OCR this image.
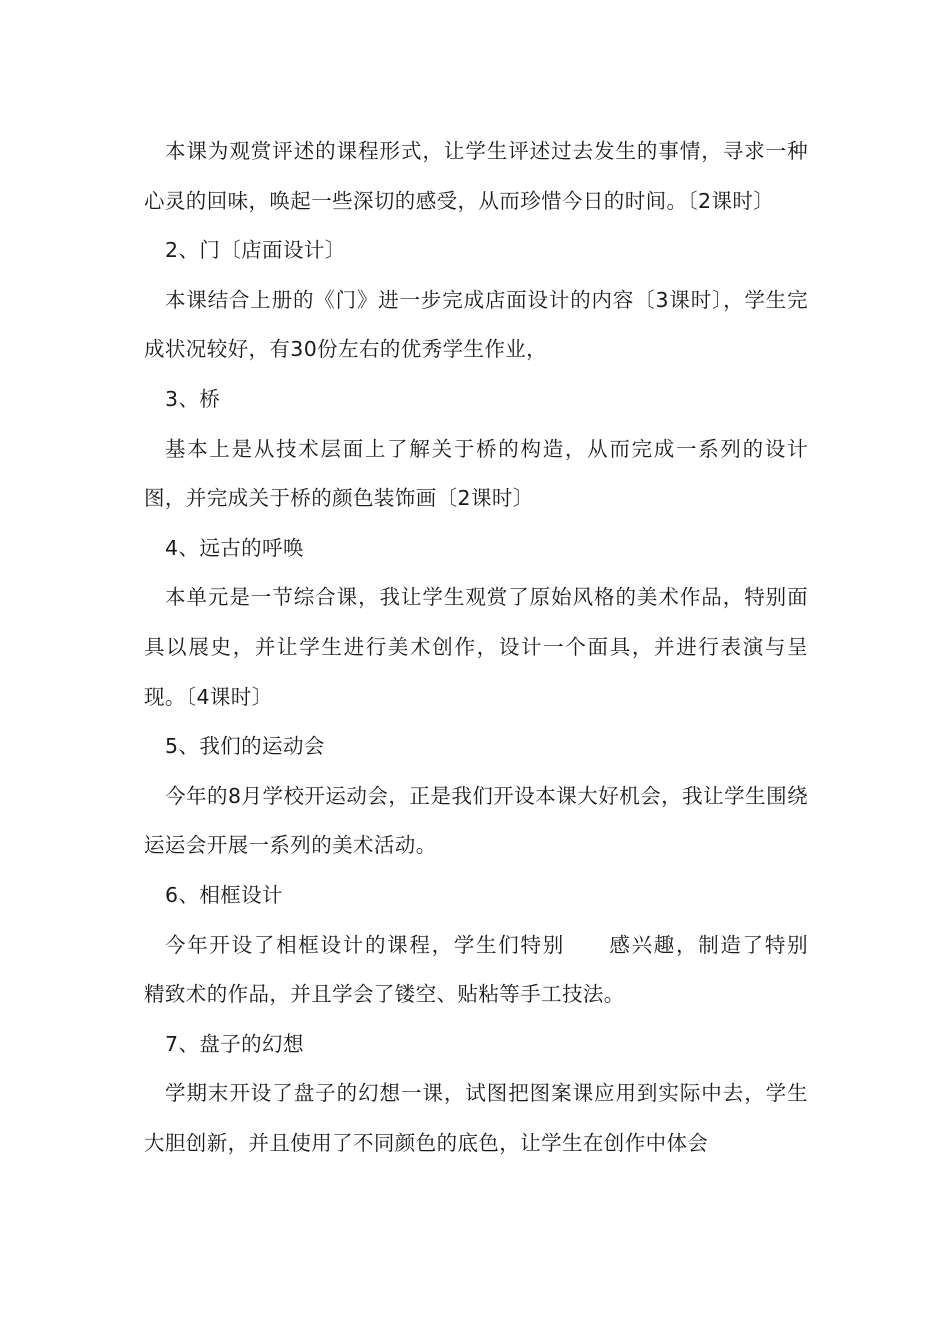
本课为观赏评述的课程形式，让学生评述过去发生的事情，寻求一种心灵的回味，唤起一些深切的感受，从而珍惜今日的时间。〔2课时〕

2、门〔店面设计〕

本课结合上册的《门》进一步完成店面设计的内容〔3课时〕，学生完成状况较好，有30份左右的优秀学生作业，

3、桥

基本上是从技术层面上了解关于桥的构造，从而完成一系列的设计图，并完成关于桥的颜色装饰画〔2课时〕

4、远古的呼唤

本单元是一节综合课，我让学生观赏了原始风格的美术作品，特别面具以展史，并让学生进行美术创作，设计一个面具，并进行表演与呈现。〔4课时〕

5、我们的运动会

今年的8月学校开运动会，正是我们开设本课大好机会，我让学生围绕运运会开展一系列的美术活动。

6、相框设计

今年开设了相框设计的课程，学生们特别　　感兴趣，制造了特别　　精致术的作品，并且学会了镂空、贴粘等手工技法。

7、盘子的幻想

学期末开设了盘子的幻想一课，试图把图案课应用到实际中去，学生大胆创新，并且使用了不同颜色的底色，让学生在创作中体会
